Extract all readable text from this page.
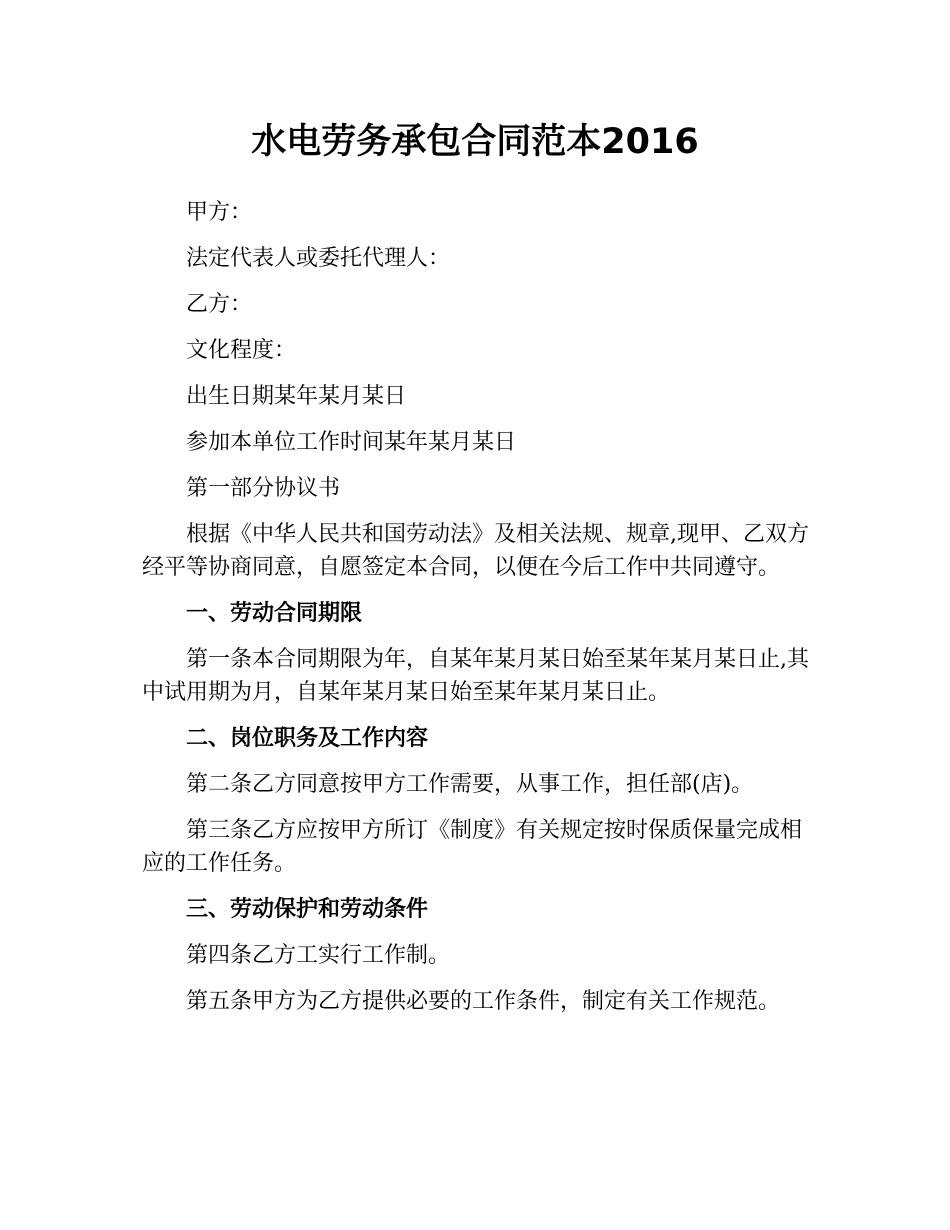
水电劳务承包合同范本2016

甲方：

法定代表人或委托代理人：

乙方：

文化程度：

出生日期某年某月某日

参加本单位工作时间某年某月某日

第一部分协议书

根据《中华人民共和国劳动法》及相关法规、规章,现甲、乙双方经平等协商同意，自愿签定本合同，以便在今后工作中共同遵守。

一、劳动合同期限

第一条本合同期限为年，自某年某月某日始至某年某月某日止,其中试用期为月，自某年某月某日始至某年某月某日止。

二、岗位职务及工作内容

第二条乙方同意按甲方工作需要，从事工作，担任部(店)。

第三条乙方应按甲方所订《制度》有关规定按时保质保量完成相应的工作任务。

三、劳动保护和劳动条件

第四条乙方工实行工作制。

第五条甲方为乙方提供必要的工作条件，制定有关工作规范。
